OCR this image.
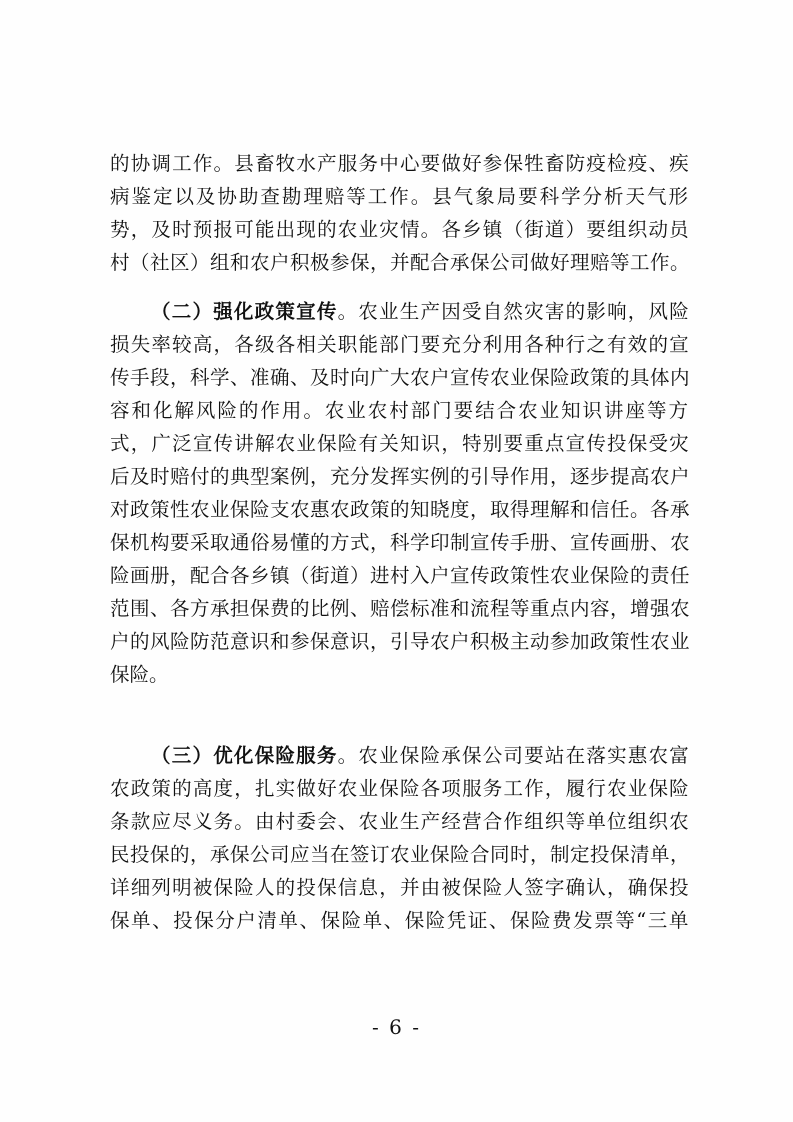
的协调工作。县畜牧水产服务中心要做好参保牲畜防疫检疫、疾
病鉴定以及协助查勘理赔等工作。县气象局要科学分析天气形
势，及时预报可能出现的农业灾情。各乡镇（街道）要组织动员
村（社区）组和农户积极参保，并配合承保公司做好理赔等工作。
（二）强化政策宣传。农业生产因受自然灾害的影响，风险
损失率较高，各级各相关职能部门要充分利用各种行之有效的宣
传手段，科学、准确、及时向广大农户宣传农业保险政策的具体内
容和化解风险的作用。农业农村部门要结合农业知识讲座等方
式，广泛宣传讲解农业保险有关知识，特别要重点宣传投保受灾
后及时赔付的典型案例，充分发挥实例的引导作用，逐步提高农户
对政策性农业保险支农惠农政策的知晓度，取得理解和信任。各承
保机构要采取通俗易懂的方式，科学印制宣传手册、宣传画册、农
险画册，配合各乡镇（街道）进村入户宣传政策性农业保险的责任
范围、各方承担保费的比例、赔偿标准和流程等重点内容，增强农
户的风险防范意识和参保意识，引导农户积极主动参加政策性农业
保险。
（三）优化保险服务。农业保险承保公司要站在落实惠农富
农政策的高度，扎实做好农业保险各项服务工作，履行农业保险
条款应尽义务。由村委会、农业生产经营合作组织等单位组织农
民投保的，承保公司应当在签订农业保险合同时，制定投保清单，
详细列明被保险人的投保信息，并由被保险人签字确认，确保投
保单、投保分户清单、保险单、保险凭证、保险费发票等“三单
- 6 -
